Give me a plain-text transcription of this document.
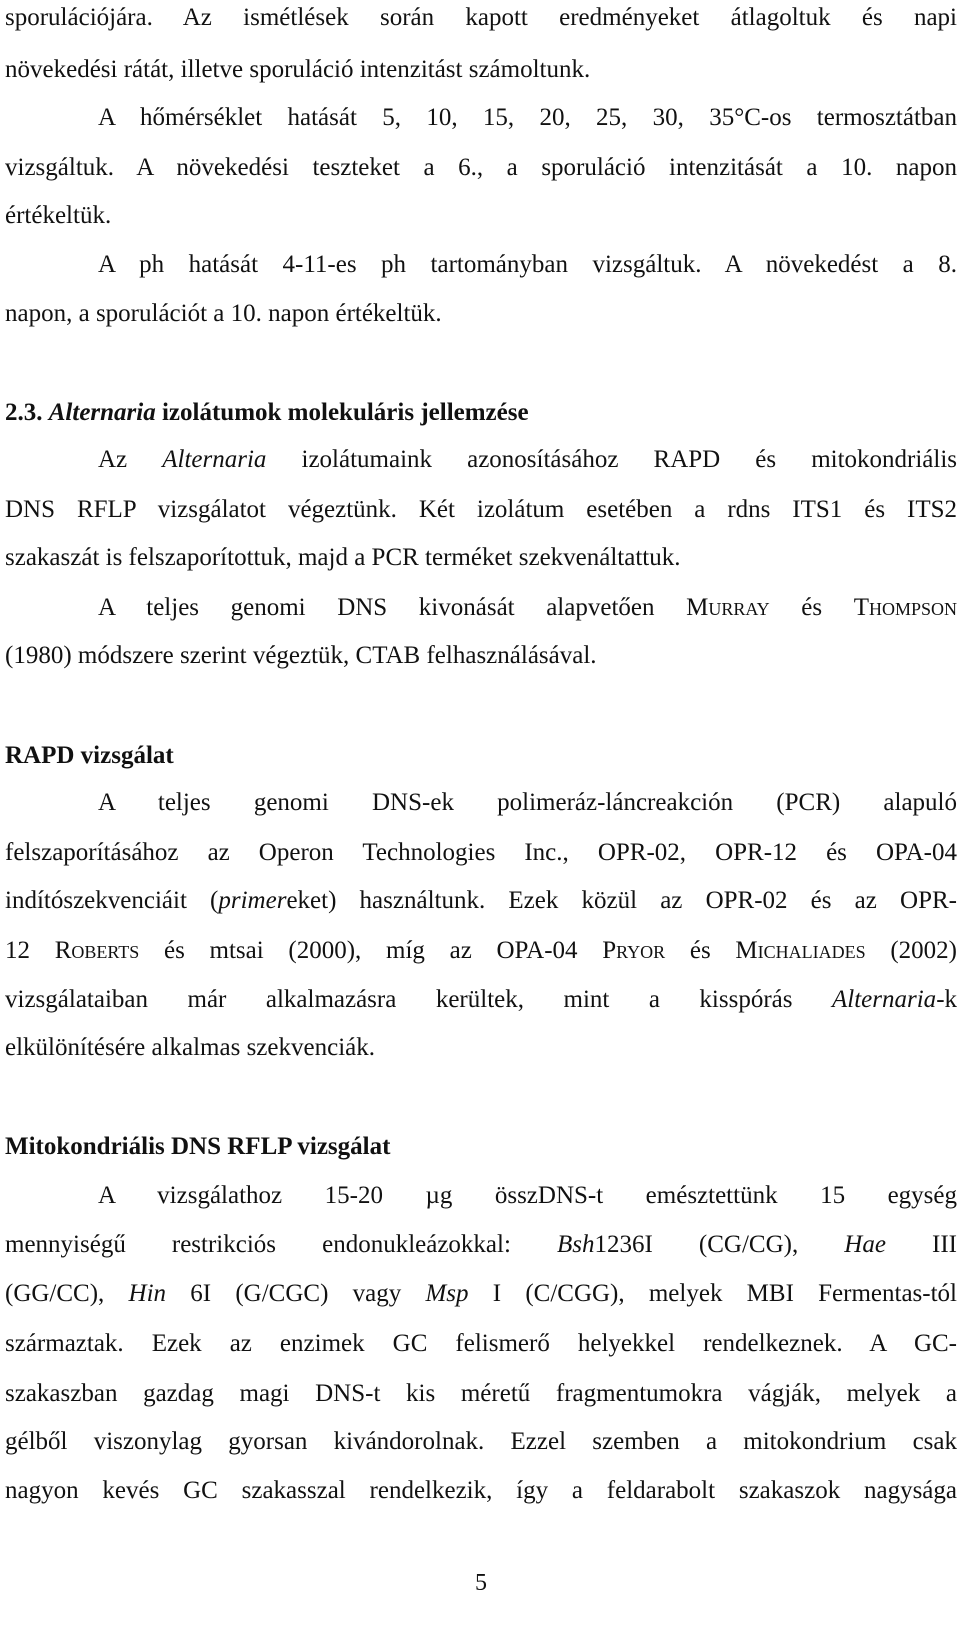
sporulációjára. Az ismétlések során kapott eredményeket átlagoltuk és napi
növekedési rátát, illetve sporuláció intenzitást számoltunk.
A hőmérséklet hatását 5, 10, 15, 20, 25, 30, 35°C-os termosztátban
vizsgáltuk. A növekedési teszteket a 6., a sporuláció intenzitását a 10. napon
értékeltük.
A ph hatását 4-11-es ph tartományban vizsgáltuk. A növekedést a 8.
napon, a sporulációt a 10. napon értékeltük.
2.3. Alternaria izolátumok molekuláris jellemzése
Az Alternaria izolátumaink azonosításához RAPD és mitokondriális
DNS RFLP vizsgálatot végeztünk. Két izolátum esetében a rdns ITS1 és ITS2
szakaszát is felszaporítottuk, majd a PCR terméket szekvenáltattuk.
A teljes genomi DNS kivonását alapvetően Murray és Thompson
(1980) módszere szerint végeztük, CTAB felhasználásával.
RAPD vizsgálat
A teljes genomi DNS-ek polimeráz-láncreakción (PCR) alapuló
felszaporításához az Operon Technologies Inc., OPR-02, OPR-12 és OPA-04
indítószekvenciáit (primereket) használtunk. Ezek közül az OPR-02 és az OPR-
12 Roberts és mtsai (2000), míg az OPA-04 Pryor és Michaliades (2002)
vizsgálataiban már alkalmazásra kerültek, mint a kisspórás Alternaria-k
elkülönítésére alkalmas szekvenciák.
Mitokondriális DNS RFLP vizsgálat
A vizsgálathoz 15-20 µg összDNS-t emésztettünk 15 egység
mennyiségű restrikciós endonukleázokkal: Bsh1236I (CG/CG), Hae III
(GG/CC), Hin 6I (G/CGC) vagy Msp I (C/CGG), melyek MBI Fermentas-tól
származtak. Ezek az enzimek GC felismerő helyekkel rendelkeznek. A GC-
szakaszban gazdag magi DNS-t kis méretű fragmentumokra vágják, melyek a
gélből viszonylag gyorsan kivándorolnak. Ezzel szemben a mitokondrium csak
nagyon kevés GC szakasszal rendelkezik, így a feldarabolt szakaszok nagysága
5
